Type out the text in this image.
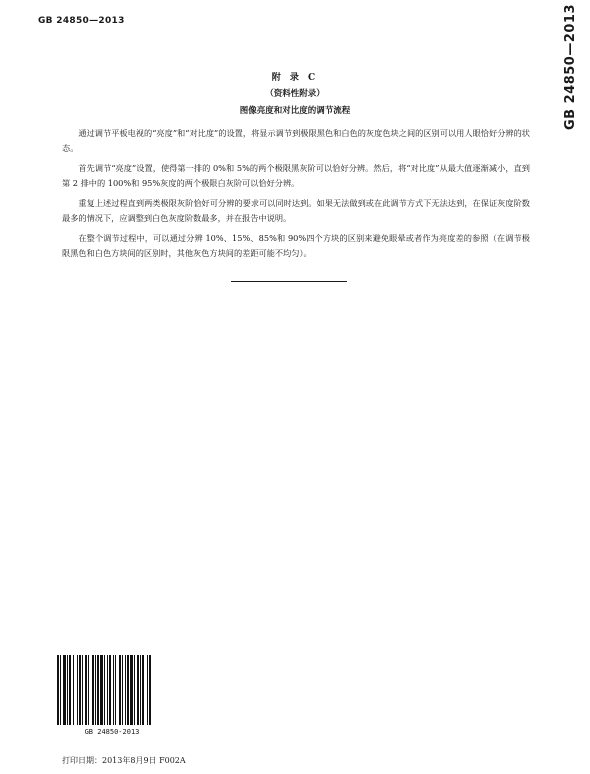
GB 24850—2013	GB 24850—2013
附 录 C
（资料性附录）
图像亮度和对比度的调节流程

通过调节平板电视的“亮度”和“对比度”的设置，将显示调节到极限黑色和白色的灰度色块之间的区别可以用人眼恰好分辨的状态。

首先调节“亮度”设置，使得第一排的 0%和 5%的两个极限黑灰阶可以恰好分辨。然后，将“对比度”从最大值逐渐减小，直到第 2 排中的 100%和 95%灰度的两个极限白灰阶可以恰好分辨。

重复上述过程直到两类极限灰阶恰好可分辨的要求可以同时达到。如果无法做到或在此调节方式下无法达到，在保证灰度阶数最多的情况下，应调整到白色灰度阶数最多，并在报告中说明。

在整个调节过程中，可以通过分辨 10%、15%、85%和 90%四个方块的区别来避免眼晕或者作为亮度差的参照（在调节极限黑色和白色方块间的区别时，其他灰色方块间的差距可能不均匀）。

GB 24850-2013
打印日期：2013年8月9日 F002A
